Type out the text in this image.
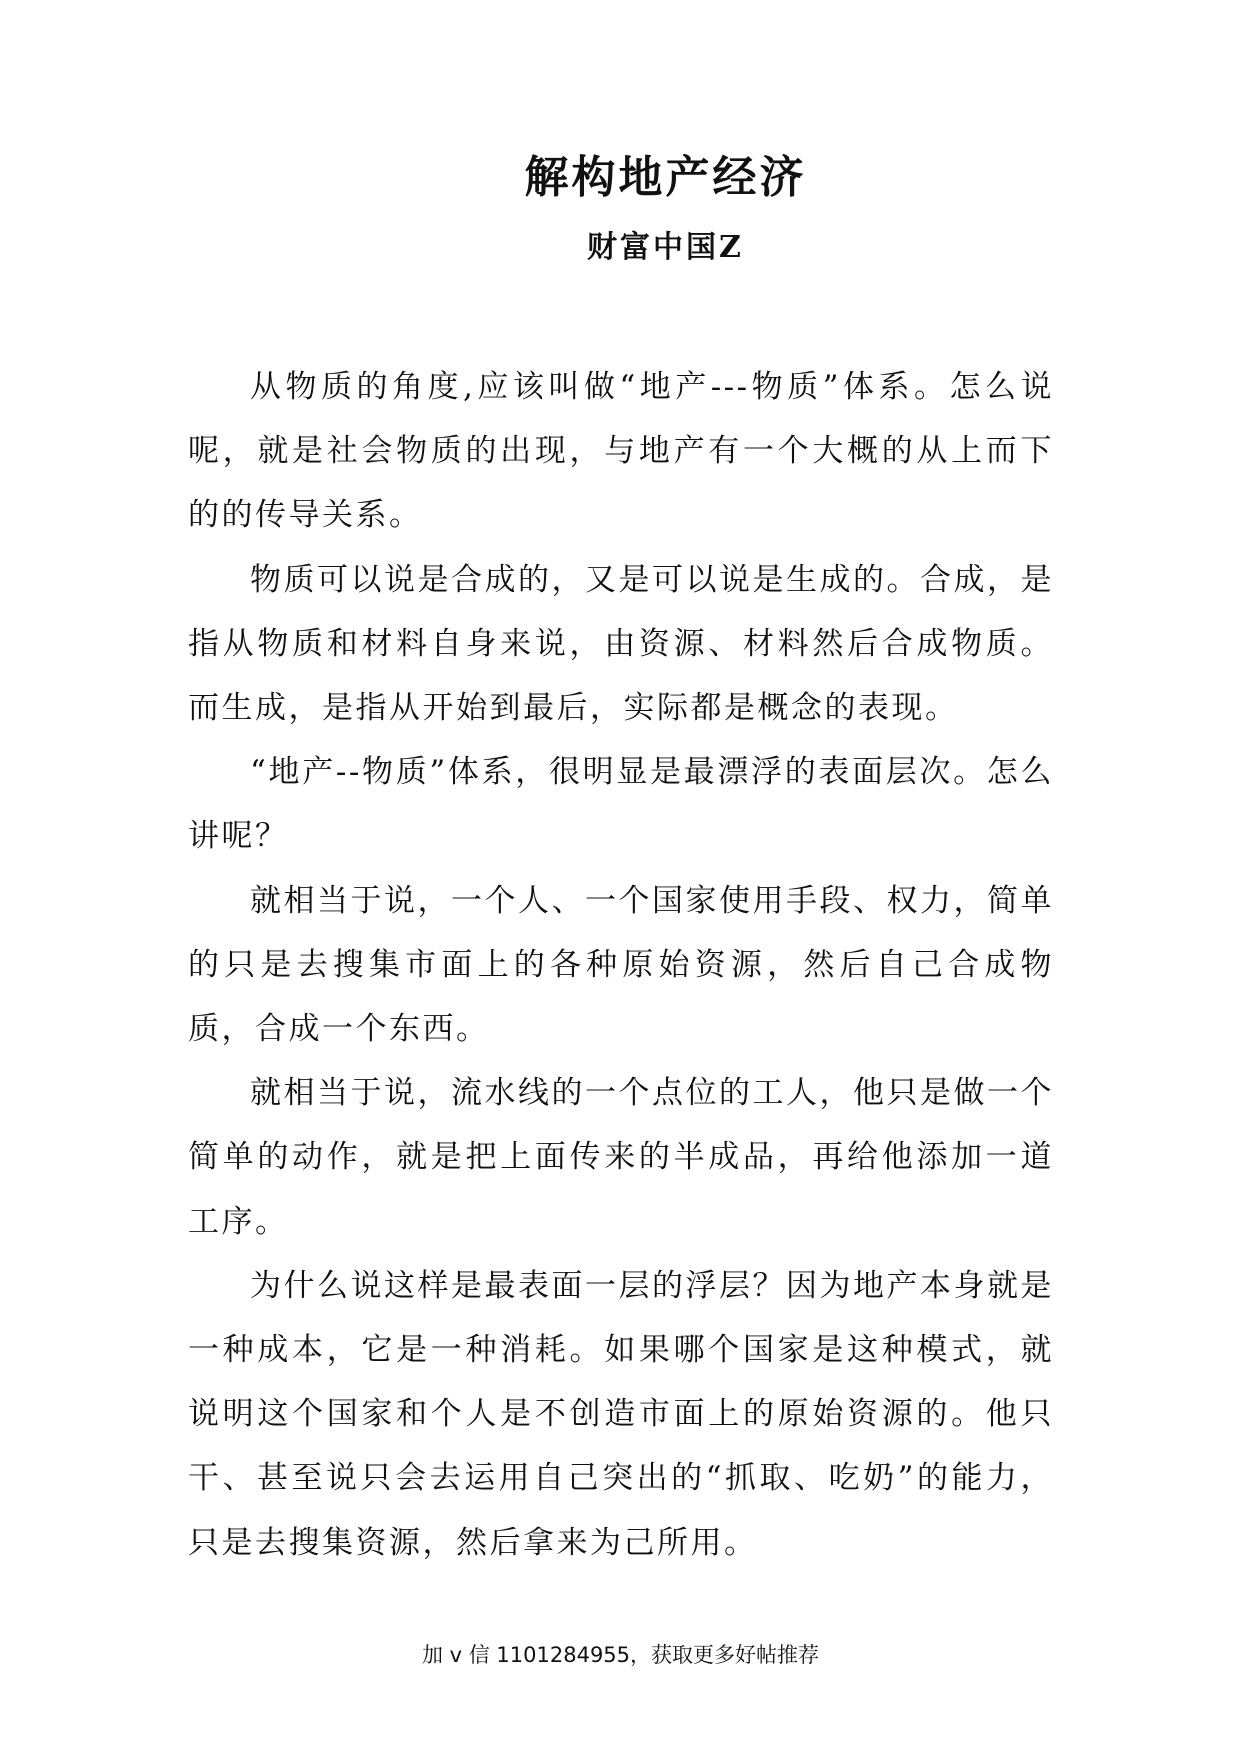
解构地产经济
财富中国Z

从物质的角度,应该叫做“地产---物质”体系。怎么说呢，就是社会物质的出现，与地产有一个大概的从上而下的的传导关系。

物质可以说是合成的，又是可以说是生成的。合成，是指从物质和材料自身来说，由资源、材料然后合成物质。 而生成，是指从开始到最后，实际都是概念的表现。

“地产--物质”体系，很明显是最漂浮的表面层次。怎么讲呢？

就相当于说，一个人、一个国家使用手段、权力，简单的只是去搜集市面上的各种原始资源，然后自己合成物质，合成一个东西。

就相当于说，流水线的一个点位的工人，他只是做一个简单的动作，就是把上面传来的半成品，再给他添加一道工序。

为什么说这样是最表面一层的浮层？因为地产本身就是一种成本，它是一种消耗。如果哪个国家是这种模式，就说明这个国家和个人是不创造市面上的原始资源的。他只干、甚至说只会去运用自己突出的“抓取、吃奶”的能力，只是去搜集资源，然后拿来为己所用。

加 v 信 1101284955，获取更多好帖推荐
